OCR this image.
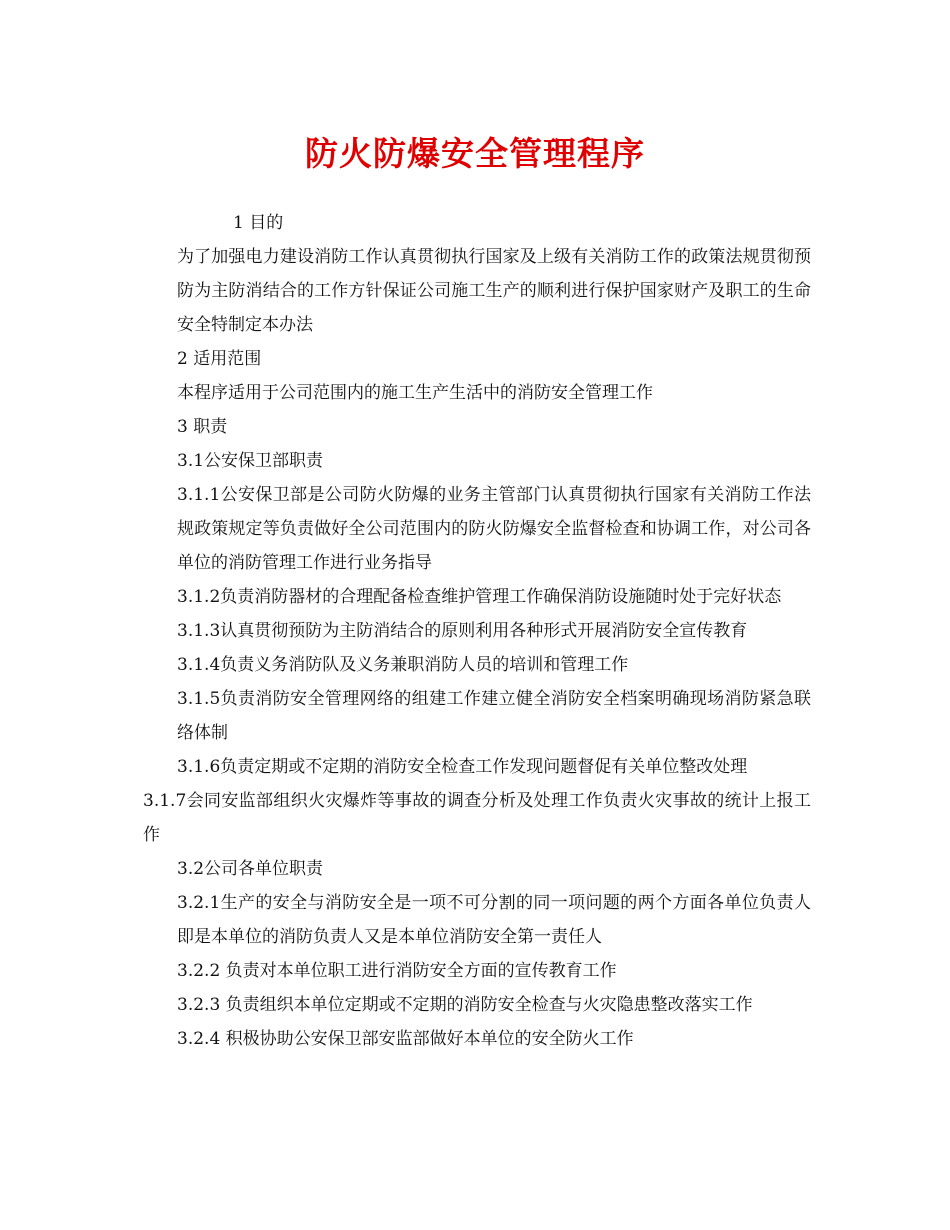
防火防爆安全管理程序

1 目的

为了加强电力建设消防工作认真贯彻执行国家及上级有关消防工作的政策法规贯彻预防为主防消结合的工作方针保证公司施工生产的顺利进行保护国家财产及职工的生命安全特制定本办法

2 适用范围

本程序适用于公司范围内的施工生产生活中的消防安全管理工作

3 职责

3.1公安保卫部职责

3.1.1公安保卫部是公司防火防爆的业务主管部门认真贯彻执行国家有关消防工作法规政策规定等负责做好全公司范围内的防火防爆安全监督检查和协调工作，对公司各单位的消防管理工作进行业务指导

3.1.2负责消防器材的合理配备检查维护管理工作确保消防设施随时处于完好状态

3.1.3认真贯彻预防为主防消结合的原则利用各种形式开展消防安全宣传教育

3.1.4负责义务消防队及义务兼职消防人员的培训和管理工作

3.1.5负责消防安全管理网络的组建工作建立健全消防安全档案明确现场消防紧急联络体制

3.1.6负责定期或不定期的消防安全检查工作发现问题督促有关单位整改处理

3.1.7会同安监部组织火灾爆炸等事故的调查分析及处理工作负责火灾事故的统计上报工作

3.2公司各单位职责

3.2.1生产的安全与消防安全是一项不可分割的同一项问题的两个方面各单位负责人即是本单位的消防负责人又是本单位消防安全第一责任人

3.2.2 负责对本单位职工进行消防安全方面的宣传教育工作

3.2.3 负责组织本单位定期或不定期的消防安全检查与火灾隐患整改落实工作

3.2.4 积极协助公安保卫部安监部做好本单位的安全防火工作
